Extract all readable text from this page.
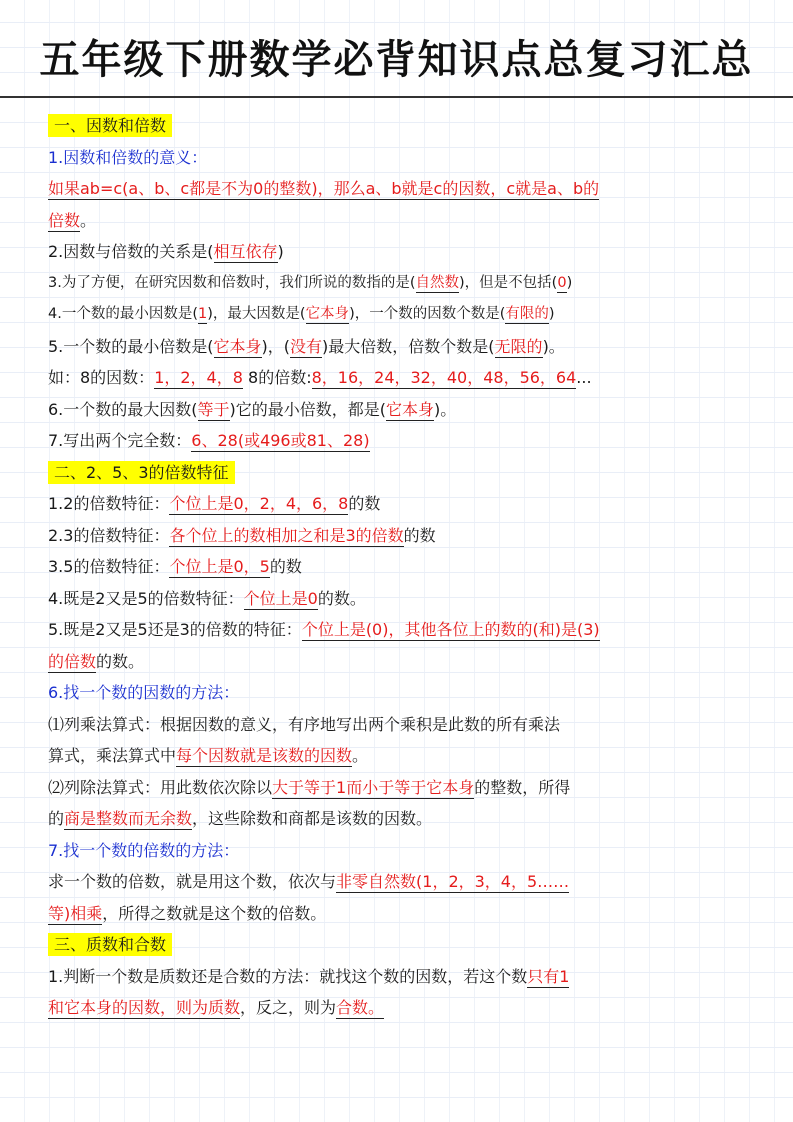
五年级下册数学必背知识点总复习汇总
一、因数和倍数
1.因数和倍数的意义：
如果ab=c(a、b、c都是不为0的整数)，那么a、b就是c的因数，c就是a、b的
倍数。
2.因数与倍数的关系是(相互依存)
3.为了方便，在研究因数和倍数时，我们所说的数指的是(自然数)，但是不包括(0)
4.一个数的最小因数是(1)，最大因数是(它本身)，一个数的因数个数是(有限的)
5.一个数的最小倍数是(它本身)，(没有)最大倍数，倍数个数是(无限的)。
如：8的因数：1，2，4，8 8的倍数:8，16，24，32，40，48，56，64...
6.一个数的最大因数(等于)它的最小倍数，都是(它本身)。
7.写出两个完全数：6、28(或496或81、28)
二、2、5、3的倍数特征
1.2的倍数特征：个位上是0，2，4，6，8的数
2.3的倍数特征：各个位上的数相加之和是3的倍数的数
3.5的倍数特征：个位上是0，5的数
4.既是2又是5的倍数特征：个位上是0的数。
5.既是2又是5还是3的倍数的特征：个位上是(0)，其他各位上的数的(和)是(3)
的倍数的数。
6.找一个数的因数的方法：
⑴列乘法算式：根据因数的意义，有序地写出两个乘积是此数的所有乘法
算式，乘法算式中每个因数就是该数的因数。
⑵列除法算式：用此数依次除以大于等于1而小于等于它本身的整数，所得
的商是整数而无余数，这些除数和商都是该数的因数。
7.找一个数的倍数的方法：
求一个数的倍数，就是用这个数，依次与非零自然数(1，2，3，4，5……
等)相乘，所得之数就是这个数的倍数。
三、质数和合数
1.判断一个数是质数还是合数的方法：就找这个数的因数，若这个数只有1
和它本身的因数，则为质数，反之，则为合数。
